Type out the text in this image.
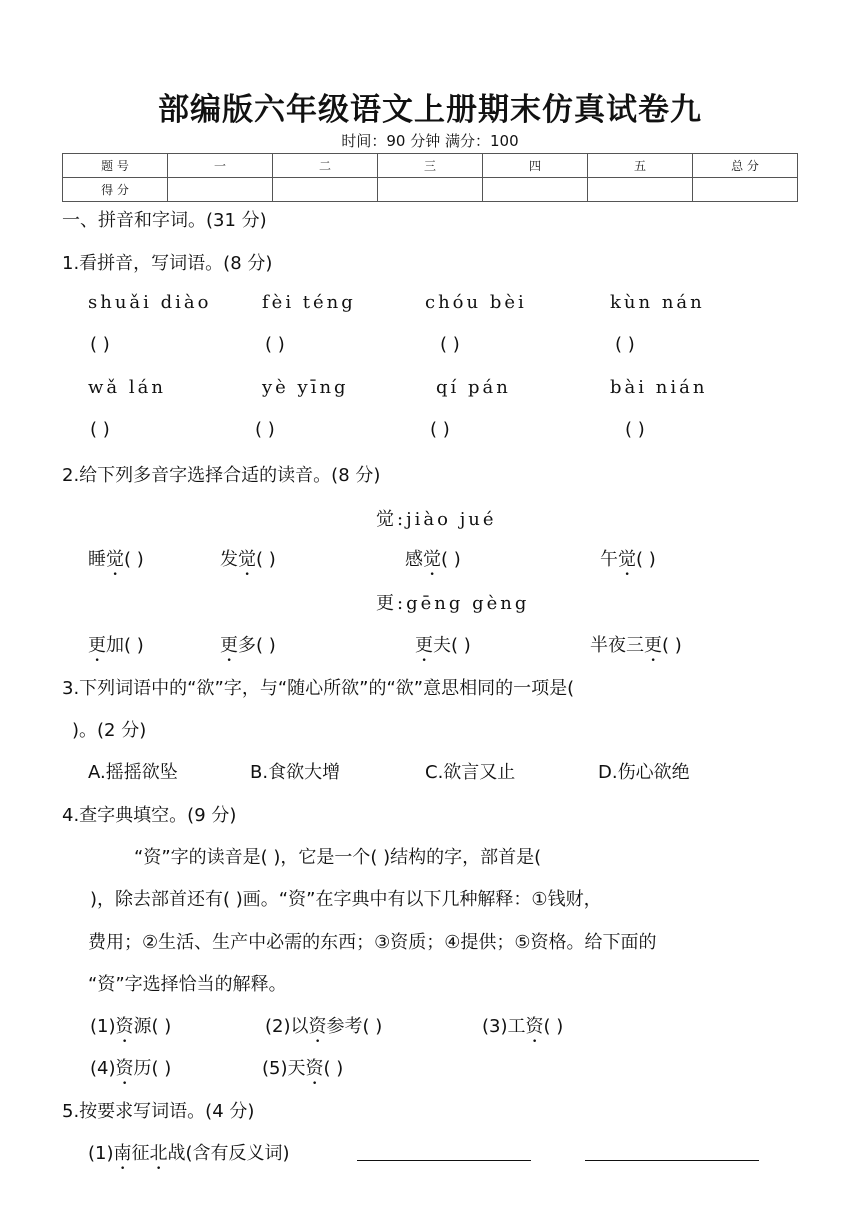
部编版六年级语文上册期末仿真试卷九
时间：90 分钟 满分：100
题 号	一	二	三	四	五	总 分
得 分						
一、拼音和字词。(31 分)
1.看拼音，写词语。(8 分)
shuǎi diào	fèi téng	chóu bèi	kùn nán
( )	( )	( )	( )
wǎ lán	yè yīng	qí pán	bài nián
( )	( )	( )	( )
2.给下列多音字选择合适的读音。(8 分)
觉:jiào jué
睡觉( )	发觉( )	感觉( )	午觉( )
更:gēng gèng
更加( )	更多( )	更夫( )	半夜三更( )
3.下列词语中的“欲”字，与“随心所欲”的“欲”意思相同的一项是(
)。(2 分)
A.摇摇欲坠	B.食欲大增	C.欲言又止	D.伤心欲绝
4.查字典填空。(9 分)
“资”字的读音是( )，它是一个( )结构的字，部首是(
)，除去部首还有( )画。“资”在字典中有以下几种解释：①钱财，
费用；②生活、生产中必需的东西；③资质；④提供；⑤资格。给下面的
“资”字选择恰当的解释。
(1)资源( )	(2)以资参考( )	(3)工资( )
(4)资历( )	(5)天资( )
5.按要求写词语。(4 分)
(1)南征北战(含有反义词)
